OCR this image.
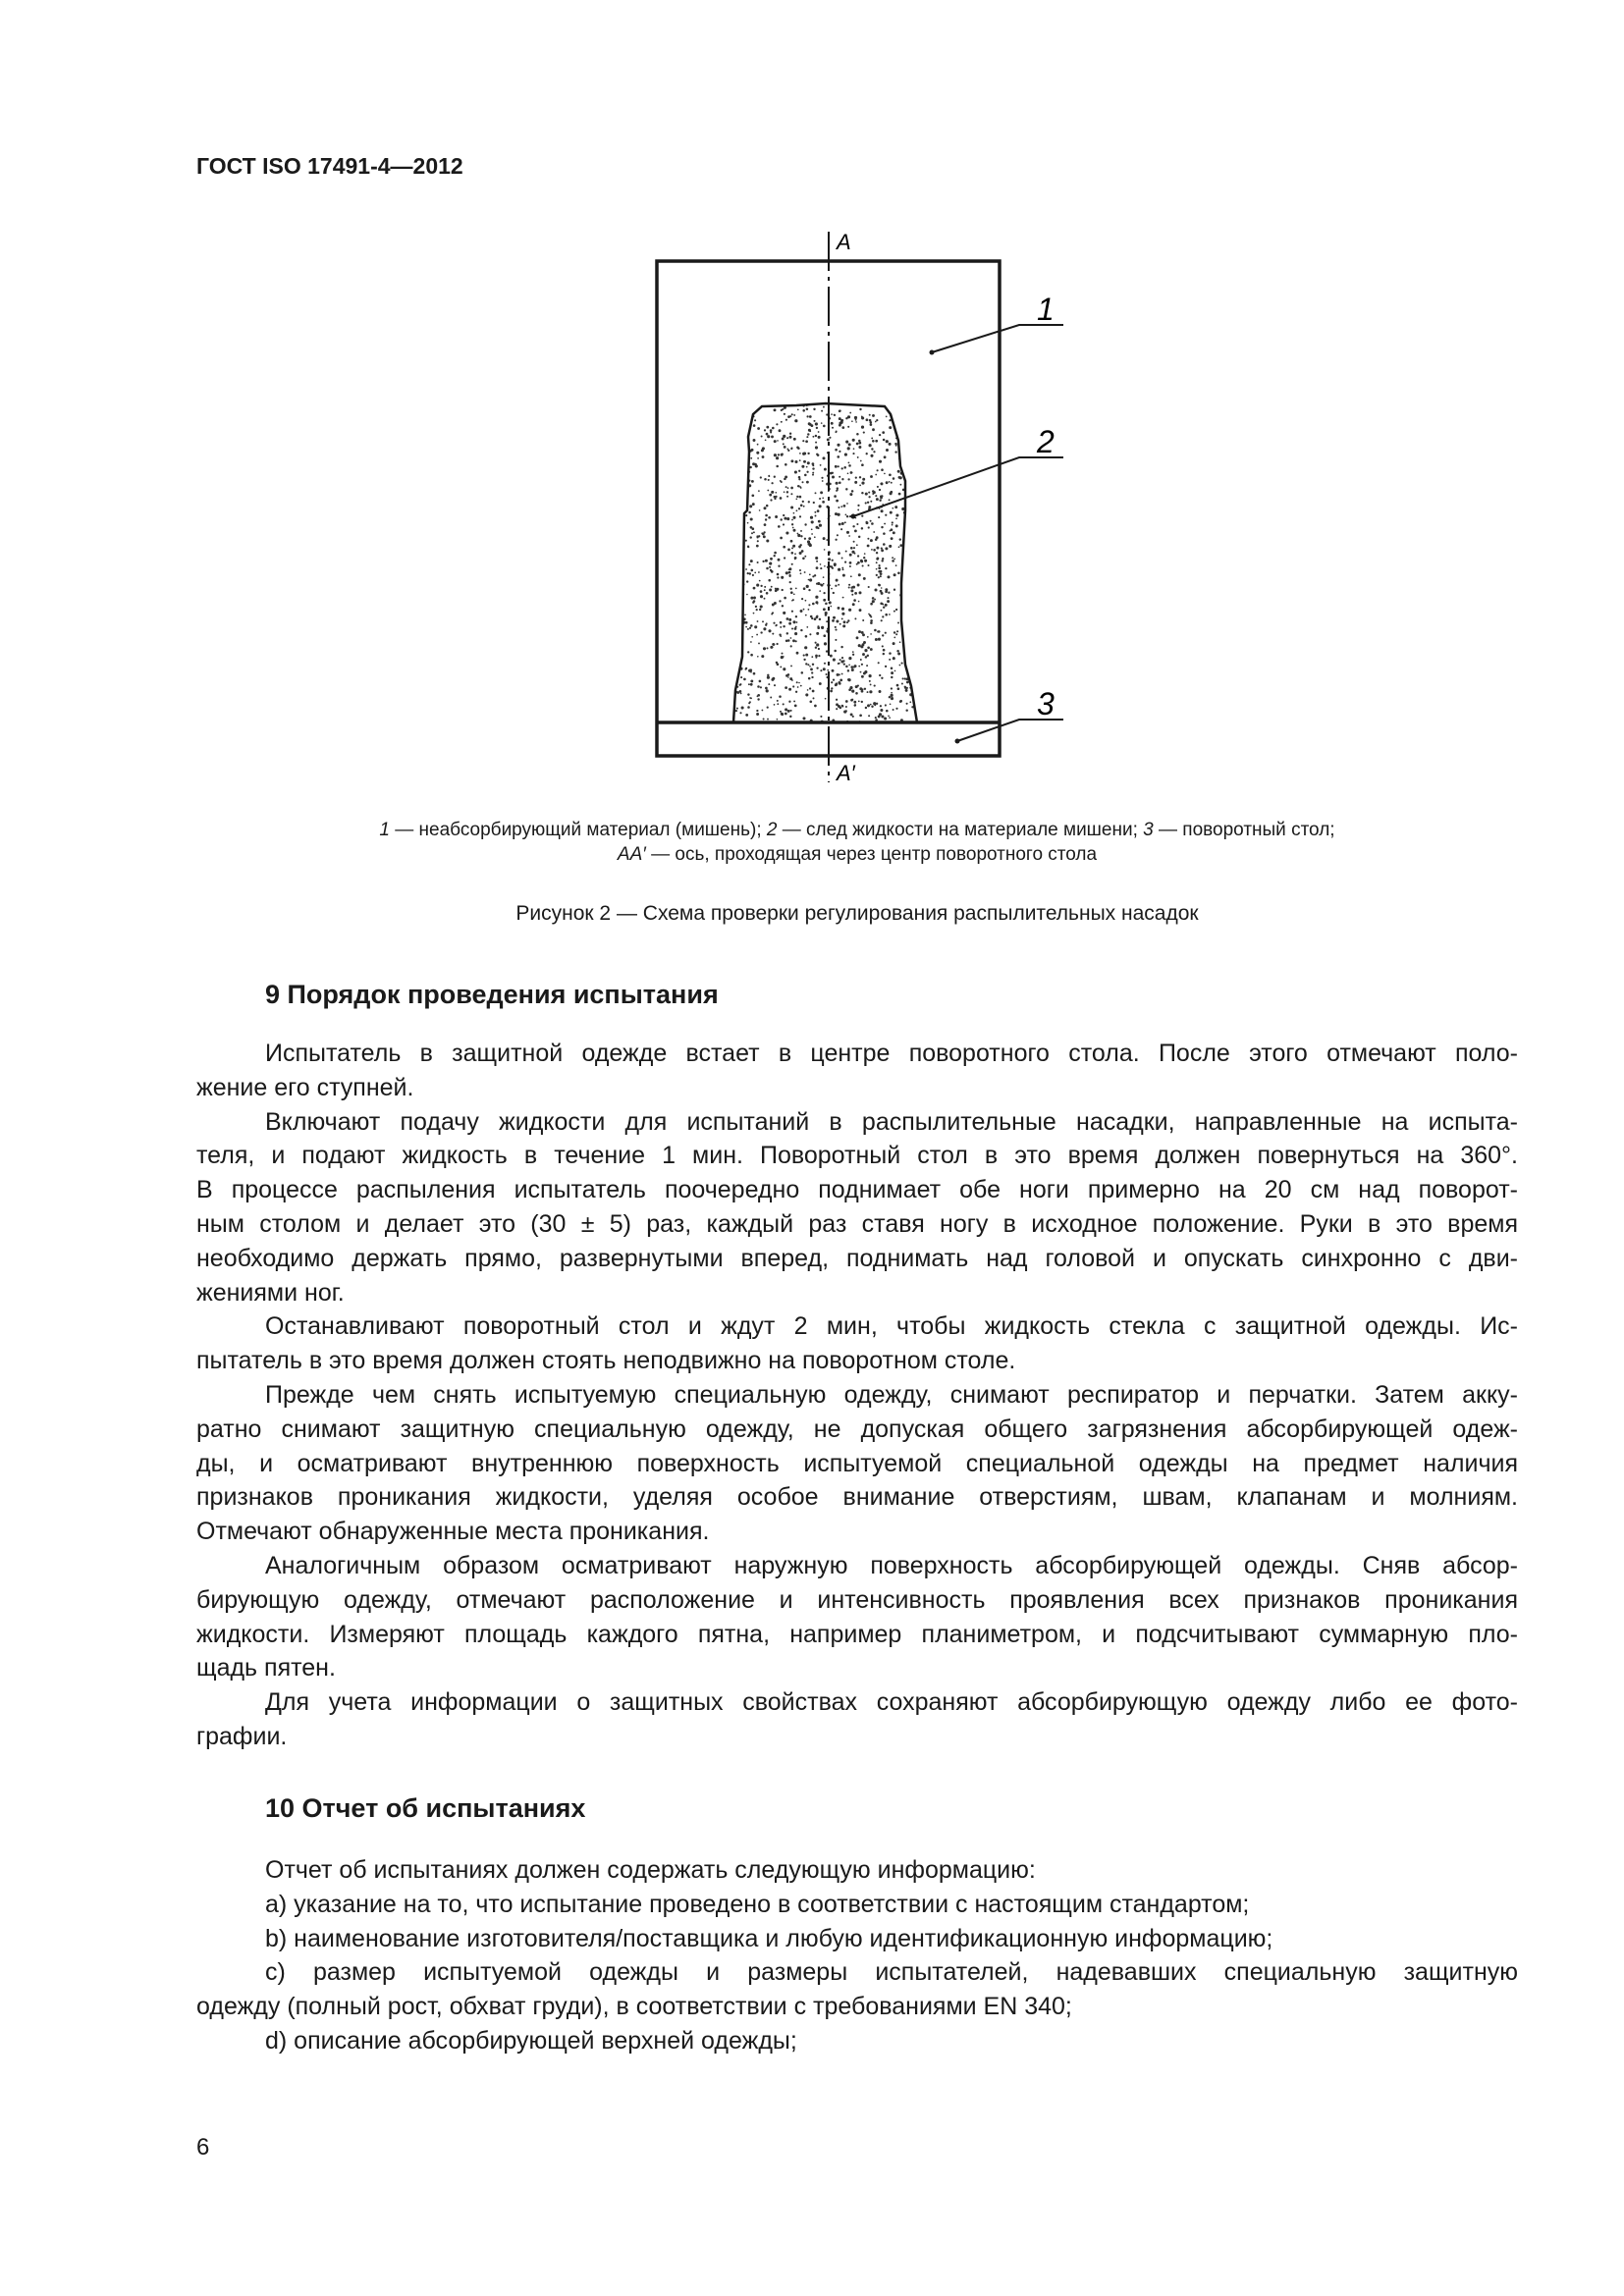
ГОСТ ISO 17491-4—2012
A
A′
1
2
3
1 — неабсорбирующий материал (мишень); 2 — след жидкости на материале мишени; 3 — поворотный стол;
AA′ — ось, проходящая через центр поворотного стола
Рисунок 2 — Схема проверки регулирования распылительных насадок
9 Порядок проведения испытания
Испытатель в защитной одежде встает в центре поворотного стола. После этого отмечают поло-
жение его ступней.
Включают подачу жидкости для испытаний в распылительные насадки, направленные на испыта-
теля, и подают жидкость в течение 1 мин. Поворотный стол в это время должен повернуться на 360°.
В процессе распыления испытатель поочередно поднимает обе ноги примерно на 20 см над поворот-
ным столом и делает это (30 ± 5) раз, каждый раз ставя ногу в исходное положение. Руки в это время
необходимо держать прямо, развернутыми вперед, поднимать над головой и опускать синхронно с дви-
жениями ног.
Останавливают поворотный стол и ждут 2 мин, чтобы жидкость стекла с защитной одежды. Ис-
пытатель в это время должен стоять неподвижно на поворотном столе.
Прежде чем снять испытуемую специальную одежду, снимают респиратор и перчатки. Затем акку-
ратно снимают защитную специальную одежду, не допуская общего загрязнения абсорбирующей одеж-
ды, и осматривают внутреннюю поверхность испытуемой специальной одежды на предмет наличия
признаков проникания жидкости, уделяя особое внимание отверстиям, швам, клапанам и молниям.
Отмечают обнаруженные места проникания.
Аналогичным образом осматривают наружную поверхность абсорбирующей одежды. Сняв абсор-
бирующую одежду, отмечают расположение и интенсивность проявления всех признаков проникания
жидкости. Измеряют площадь каждого пятна, например планиметром, и подсчитывают суммарную пло-
щадь пятен.
Для учета информации о защитных свойствах сохраняют абсорбирующую одежду либо ее фото-
графии.
10 Отчет об испытаниях
Отчет об испытаниях должен содержать следующую информацию:
a) указание на то, что испытание проведено в соответствии с настоящим стандартом;
b) наименование изготовителя/поставщика и любую идентификационную информацию;
c) размер испытуемой одежды и размеры испытателей, надевавших специальную защитную
одежду (полный рост, обхват груди), в соответствии с требованиями EN 340;
d) описание абсорбирующей верхней одежды;
6
